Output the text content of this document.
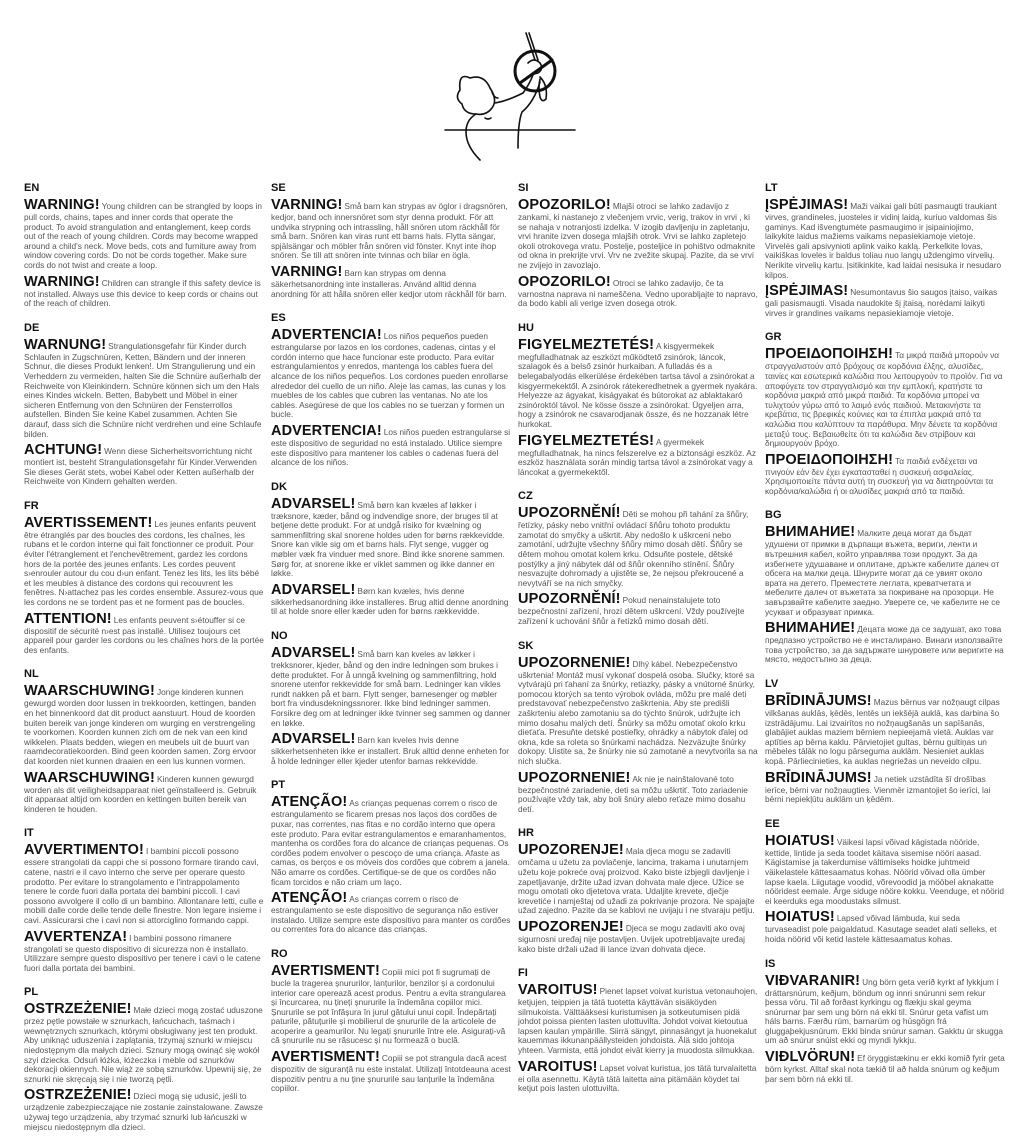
EN
WARNING! Young children can be strangled by loops in pull cords, chains, tapes and inner cords that operate the product. To avoid strangulation and entanglement, keep cords out of the reach of young children. Cords may become wrapped around a child's neck. Move beds, cots and furniture away from window covering cords. Do not be cords together. Make sure cords do not twist and create a loop.
WARNING! Children can strangle if this safety device is not installed. Always use this device to keep cords or chains out of the reach of children.
DE
WARNUNG! Strangulationsgefahr für Kinder durch Schlaufen in Zugschnüren, Ketten, Bändern und der inneren Schnur, die dieses Produkt lenken!. Um Strangulierung und ein Verheddern zu vermeiden, halten Sie die Schnüre außerhalb der Reichweite von Kleinkindern. Schnüre können sich um den Hals eines Kindes wickeln. Betten, Babybett und Möbel in einer sicheren Entfernung von den Schnüren der Fensterrollos aufstellen. Binden Sie keine Kabel zusammen. Achten Sie darauf, dass sich die Schnüre nicht verdrehen und eine Schlaufe bilden.
ACHTUNG! Wenn diese Sicherheitsvorrichtung nicht montiert ist, besteht Strangulationsgefahr für Kinder.Verwenden Sie dieses Gerät stets, wobei Kabel oder Ketten außerhalb der Reichweite von Kindern gehalten werden.
FR
AVERTISSEMENT! Les jeunes enfants peuvent être étranglés par des boucles des cordons, les chaînes, les rubans et le cordon interne qui fait fonctionner ce produit. Pour éviter l'étranglement et l'enchevêtrement, gardez les cordons hors de la portée des jeunes enfants. Les cordes peuvent s›enrouler autour du cou d›un enfant. Tenez les lits, les lits bébé et les meubles à distance des cordons qui recouvrent les fenêtres. N›attachez pas les cordes ensemble. Assurez-vous que les cordons ne se tordent pas et ne forment pas de boucles.
ATTENTION! Les enfants peuvent s›étouffer si ce dispositif de sécurité n›est pas installé. Utilisez toujours cet appareil pour garder les cordons ou les chaînes hors de la portée des enfants.
NL
WAARSCHUWING! Jonge kinderen kunnen gewurgd worden door lussen in trekkoorden, kettingen, banden en het binnenkoord dat dit product aanstuurt. Houd de koorden buiten bereik van jonge kinderen om wurging en verstrengeling te voorkomen. Koorden kunnen zich om de nek van een kind wikkelen. Plaats bedden, wiegen en meubels uit de buurt van raamdecoratiekoorden. Bind geen koorden samen. Zorg ervoor dat koorden niet kunnen draaien en een lus kunnen vormen.
WAARSCHUWING! Kinderen kunnen gewurgd worden als dit veiligheidsapparaat niet geïnstalleerd is. Gebruik dit apparaat altijd om koorden en kettingen buiten bereik van kinderen te houden.
IT
AVVERTIMENTO! I bambini piccoli possono essere strangolati da cappi che si possono formare tirando cavi, catene, nastri e il cavo interno che serve per operare questo prodotto. Per evitare lo strangolamento e l'intrappolamento tenere le corde fuori dalla portata dei bambini piccoli. I cavi possono avvolgere il collo di un bambino. Allontanare letti, culle e mobili dalle corde delle tende delle finestre. Non legare insieme i cavi. Assicurarsi che i cavi non si attorciglino formando cappi.
AVVERTENZA! I bambini possono rimanere strangolati se questo dispositivo di sicurezza non è installato. Utilizzare sempre questo dispositivo per tenere i cavi o le catene fuori dalla portata dei bambini.
PL
OSTRZEŻENIE! Małe dzieci mogą zostać uduszone przez pętle powstałe w sznurkach, łańcuchach, taśmach i wewnętrznych sznurkach, którymi obsługiwany jest ten produkt. Aby uniknąć uduszenia i zaplątania, trzymaj sznurki w miejscu niedostępnym dla małych dzieci. Sznury mogą owinąć się wokół szyi dziecka. Odsuń łóżka, łóżeczka i meble od sznurków dekoracji okiennych. Nie wiąż ze sobą sznurków. Upewnij się, że sznurki nie skręcają się i nie tworzą pętli.
OSTRZEŻENIE! Dzieci mogą się udusić, jeśli to urządzenie zabezpieczające nie zostanie zainstalowane. Zawsze używaj tego urządzenia, aby trzymać sznurki lub łańcuszki w miejscu niedostępnym dla dzieci.
SE
VARNING! Små barn kan strypas av öglor i dragsnören, kedjor, band och innersnöret som styr denna produkt. För att undvika strypning och intrassling, håll snören utom räckhåll för små barn. Snören kan viras runt ett barns hals. Flytta sängar, spjälsängar och möbler från snören vid fönster. Knyt inte ihop snören. Se till att snören inte tvinnas och bilar en ögla.
VARNING! Barn kan strypas om denna säkerhetsanordning inte installeras. Använd alltid denna anordning för att hålla snören eller kedjor utom räckhåll för barn.
ES
ADVERTENCIA! Los niños pequeños pueden estrangularse por lazos en los cordones, cadenas, cintas y el cordón interno que hace funcionar este producto. Para evitar estrangulamientos y enredos, mantenga los cables fuera del alcance de los niños pequeños. Los cordones pueden enrollarse alrededor del cuello de un niño. Aleje las camas, las cunas y los muebles de los cables que cubren las ventanas. No ate los cables. Asegúrese de que los cables no se tuerzan y formen un bucle.
ADVERTENCIA! Los niños pueden estrangularse si este dispositivo de seguridad no está instalado. Utilice siempre este dispositivo para mantener los cables o cadenas fuera del alcance de los niños.
DK
ADVARSEL! Små børn kan kvæles af løkker i træksnore, kæder, bånd og indvendige snore, der bruges til at betjene dette produkt. For at undgå risiko for kvælning og sammenfiltring skal snorene holdes uden for børns rækkevidde. Snore kan vikle sig om et barns hals. Flyt senge, vugger og møbler væk fra vinduer med snore. Bind ikke snorene sammen. Sørg for, at snorene ikke er viklet sammen og ikke danner en løkke.
ADVARSEL! Børn kan kvæles, hvis denne sikkerhedsanordning ikke installeres. Brug altid denne anordning til at holde snore eller kæder uden for børns rækkevidde.
NO
ADVARSEL! Små barn kan kveles av løkker i trekksnorer, kjeder, bånd og den indre ledningen som brukes i dette produktet. For å unngå kvelning og sammenfiltring, hold snorene utenfor rekkevidde for små barn. Ledninger kan vikles rundt nakken på et barn. Flytt senger, barnesenger og møbler bort fra vindusdekningssnorer. Ikke bind ledninger sammen. Forsikre deg om at ledninger ikke tvinner seg sammen og danner en løkke.
ADVARSEL! Barn kan kveles hvis denne sikkerhetsenheten ikke er installert. Bruk alltid denne enheten for å holde ledninger eller kjeder utenfor barnas rekkevidde.
PT
ATENÇÃO! As crianças pequenas correm o risco de estrangulamento se ficarem presas nos laços dos cordões de puxar, nas correntes, nas fitas e no cordão interno que opera este produto. Para evitar estrangulamentos e emaranhamentos, mantenha os cordões fora do alcance de crianças pequenas. Os cordões podem envolver o pescoço de uma criança. Afaste as camas, os berços e os móveis dos cordões que cobrem a janela. Não amarre os cordões. Certifique-se de que os cordões não ficam torcidos e não criam um laço.
ATENÇÃO! As crianças correm o risco de estrangulamento se este dispositivo de segurança não estiver instalado. Utilize sempre este dispositivo para manter os cordões ou correntes fora do alcance das crianças.
RO
AVERTISMENT! Copiii mici pot fi sugrumați de bucle la tragerea șnururilor, lanțurilor, benzilor și a cordonului interior care operează acest produs. Pentru a evita strangularea și încurcarea, nu țineți șnururile la îndemâna copiilor mici. Șnururile se pot înfășura în jurul gâtului unui copil. Îndepărtați paturile, pătuțurile și mobilierul de șnururile de la articolele de acoperire a geamurilor. Nu legați șnururile între ele. Asigurați-vă că șnururile nu se răsucesc și nu formează o buclă.
AVERTISMENT! Copiii se pot strangula dacă acest dispozitiv de siguranță nu este instalat. Utilizați întotdeauna acest dispozitiv pentru a nu ține șnururile sau lanțurile la îndemâna copiilor.
SI
OPOZORILO! Mlajši otroci se lahko zadavijo z zankami, ki nastanejo z vlečenjem vrvic, verig, trakov in vrvi , ki se nahaja v notranjosti izdelka. V izogib davljenju in zapletanju, vrvi hranite izven dosega mlajših otrok. Vrvi se lahko zapletejo okoli otrokovega vratu. Postelje, posteljice in pohištvo odmaknite od okna in prekrijte vrvi. Vrv ne zvežite skupaj. Pazite, da se vrvi ne zvijejo in zavozlajo.
OPOZORILO! Otroci se lahko zadavijo, če ta varnostna naprava ni nameščena. Vedno uporabljajte to napravo, da bodo kabli ali verige izven dosega otrok.
HU
FIGYELMEZTETÉS! A kisgyermekek megfulladhatnak az eszközt működtető zsinórok, láncok, szalagok és a belső zsinór hurkaiban. A fulladás és a belegabalyodás elkerülése érdekében tartsa távol a zsinórokat a kisgyermekektől. A zsinórok rátekeredhetnek a gyermek nyakára. Helyezze az ágyakat, kiságyakat és bútorokat az ablaktakaró zsinóroktól távol. Ne kösse össze a zsinórokat. Ügyeljen arra, hogy a zsinórok ne csavarodjanak össze, és ne hozzanak létre hurkokat.
FIGYELMEZTETÉS! A gyermekek megfulladhatnak, ha nincs felszerelve ez a biztonsági eszköz. Az eszköz használata során mindig tartsa távol a zsinórokat vagy a láncokat a gyermekektől.
CZ
UPOZORNĚNÍ! Děti se mohou při tahání za šňůry, řetízky, pásky nebo vnitřní ovládací šňůru tohoto produktu zamotat do smyčky a uškrtit. Aby nedošlo k uškrcení nebo zamotání, udržujte všechny šňůry mimo dosah dětí. Šňůry se dětem mohou omotat kolem krku. Odsuňte postele, dětské postýlky a jiný nábytek dál od šňůr okenního stínění. Šňůry nesvazujte dohromady a ujistěte se, že nejsou překroucené a nevytváří se na nich smyčky.
UPOZORNĚNÍ! Pokud nenainstalujete toto bezpečnostní zařízení, hrozí dětem uškrcení. Vždy používejte zařízení k uchování šňůr a řetízků mimo dosah dětí.
SK
UPOZORNENIE! Dlhý kábel. Nebezpečenstvo uškrtenia! Montáž musí vykonať dospelá osoba. Slučky, ktoré sa vytvárajú pri ťahaní za šnúrky, retiazky, pásky a vnútorné šnúrky, pomocou ktorých sa tento výrobok ovláda, môžu pre malé deti predstavovať nebezpečenstvo zaškrtenia. Aby ste predišli zaškrteniu alebo zamotaniu sa do týchto šnúrok, udržujte ich mimo dosahu malých detí. Šnúrky sa môžu omotať okolo krku dieťaťa. Presuňte detské postieľky, ohrádky a nábytok ďalej od okna, kde sa roleta so šnúrkami nachádza. Nezväzujte šnúrky dokopy. Uistite sa, že šnúrky nie sú zamotané a nevytvorila sa na nich slučka.
UPOZORNENIE! Ak nie je nainštalované toto bezpečnostné zariadenie, deti sa môžu uškrtiť. Toto zariadenie používajte vždy tak, aby boli šnúry alebo reťaze mimo dosahu detí.
HR
UPOZORENJE! Mala djeca mogu se zadaviti omčama u užetu za povlačenje, lancima, trakama i unutarnjem užetu koje pokreće ovaj proizvod. Kako biste izbjegli davljenje i zapetljavanje, držite užad izvan dohvata male djece. Užice se mogu omotati oko djetetova vrata. Udaljite krevete, dječje krevetiće i namještaj od užadi za pokrivanje prozora. Ne spajajte užad zajedno. Pazite da se kablovi ne uvijaju i ne stvaraju petlju.
UPOZORENJE! Djeca se mogu zadaviti ako ovaj sigurnosni uređaj nije postavljen. Uvijek upotrebljavajte uređaj kako biste držali užad ili lance izvan dohvata djece.
FI
VAROITUS! Pienet lapset voivat kuristua vetonauhojen, ketjujen, teippien ja tätä tuotetta käyttävän sisäköyden silmukoista. Välttääksesi kuristumisen ja sotkeutumisen pidä johdot poissa pienten lasten ulottuvilta. Johdot voivat kietoutua lapsen kaulan ympärille. Siirrä sängyt, pinnasängyt ja huonekalut kauemmas ikkunanpäällysteiden johdoista. Älä sido johtoja yhteen. Varmista, että johdot eivät kierry ja muodosta silmukkaa.
VAROITUS! Lapset voivat kuristua, jos tätä turvalaitetta ei olla asennettu. Käytä tätä laitetta aina pitämään köydet tai ketjut pois lasten ulottuvilta.
LT
ĮSPĖJIMAS! Maži vaikai gali būti pasmaugti traukiant virves, grandineles, juosteles ir vidinį laidą, kuriuo valdomas šis gaminys. Kad išvengtumėte pasmaugimo ir įsipainiojimo, laikykite laidus mažiems vaikams nepasiekiamoje vietoje. Virvelės gali apsivynioti aplink vaiko kaklą. Perkelkite lovas, vaikiškas loveles ir baldus toliau nuo langų uždengimo virvelių. Nerikite virvelių kartu. Įsitikinkite, kad laidai nesisuka ir nesudaro kilpos.
ĮSPĖJIMAS! Nesumontavus šio saugos įtaiso, vaikas gali pasismaugti. Visada naudokite šį įtaisą, norėdami laikyti virves ir grandines vaikams nepasiekiamoje vietoje.
GR
ΠΡΟΕΙΔΟΠΟΙΗΣΗ! Τα μικρά παιδιά μπορούν να στραγγαλιστούν από βρόχους σε κορδόνια έλξης, αλυσίδες, ταινίες και εσωτερικά καλώδια που λειτουργούν το προϊόν. Για να αποφύγετε τον στραγγαλισμό και την εμπλοκή, κρατήστε τα κορδόνια μακριά από μικρά παιδιά. Τα κορδόνια μπορεί να τυλιχτούν γύρω από το λαιμό ενός παιδιού. Μετακινήστε τα κρεβάτια, τις βρεφικές κούνιες και τα έπιπλα μακριά από τα καλώδια που καλύπτουν τα παράθυρα. Μην δένετε τα κορδόνια μεταξύ τους. Βεβαιωθείτε ότι τα καλώδια δεν στρίβουν και δημιουργούν βρόχο.
ΠΡΟΕΙΔΟΠΟΙΗΣΗ! Τα παιδιά ενδέχεται να πνιγούν εάν δεν έχει εγκατασταθεί η συσκευή ασφαλείας. Χρησιμοποιείτε πάντα αυτή τη συσκευή για να διατηρούνται τα κορδόνια/καλώδια ή οι αλυσίδες μακριά από τα παιδιά.
BG
ВНИМАНИЕ! Малките деца могат да бъдат удушени от примки в дърпащи въжета, вериги, ленти и вътрешния кабел, който управлява този продукт. За да избегнете удушаване и оплитане, дръжте кабелите далеч от обсега на малки деца. Шнурите могат да се увият около врата на детето. Преместете леглата, креватчетата и мебелите далеч от въжетата за покриване на прозорци. Не завързвайте кабелите заедно. Уверете се, че кабелите не се усукват и образуват примка.
ВНИМАНИЕ! Децата може да се задушат, ако това предпазно устройство не е инсталирано. Винаги използвайте това устройство, за да задържате шнуровете или веригите на място, недостъпно за деца.
LV
BRĪDINĀJUMS! Mazus bērnus var nožņaugt cilpas vilkšanas auklās, ķēdēs, lentēs un iekšējā auklā, kas darbina šo izstrādājumu. Lai izvairītos no nožņaugšanās un sapīšanās, glabājiet auklas maziem bērniem nepieejamā vietā. Auklas var aptīties ap bērna kaklu. Pārvietojiet gultas, bērnu gultiņas un mēbeles tālāk no logu pārseguma auklām. Nesieniet auklas kopā. Pārliecinieties, ka auklas negriežas un neveido cilpu.
BRĪDINĀJUMS! Ja netiek uzstādīta šī drošības ierīce, bērni var nožņaugties. Vienmēr izmantojiet šo ierīci, lai bērni nepiekļūtu auklām un ķēdēm.
EE
HOIATUS! Väikesi lapsi võivad kägistada nööride, kettide, lintide ja seda toodet käitava sisemise nööri aasad. Kägistamise ja takerdumise vältimiseks hoidke juhtmeid väikelastele kättesaamatus kohas. Nöörid võivad olla ümber lapse kaela. Liigutage voodid, võrevoodid ja mööbel aknakatte nööridest eemale. Ärge siduge nööre kokku. Veenduge, et nöörid ei keerduks ega moodustaks silmust.
HOIATUS! Lapsed võivad lämbuda, kui seda turvaseadist pole paigaldatud. Kasutage seadet alati selleks, et hoida nöörid või ketid lastele kättesaamatus kohas.
IS
VIÐVARANIR! Ung börn geta verið kyrkt af lykkjum í dráttarsnúrum, keðjum, böndum og innri snúrunni sem rekur þessa vöru. Til að forðast kyrkingu og flækju skal geyma snúrurnar þar sem ung börn ná ekki til. Snúrur geta vafist um háls barns. Færðu rúm, barnarúm og húsgögn frá gluggaþekjusnúrum. Ekki binda snúrur saman. Gakktu úr skugga um að snúrur snúist ekki og myndi lykkju.
VIÐLVÖRUN! Ef öryggistækinu er ekki komið fyrir geta börn kyrkst. Alltaf skal nota tækið til að halda snúrum og keðjum þar sem börn ná ekki til.
